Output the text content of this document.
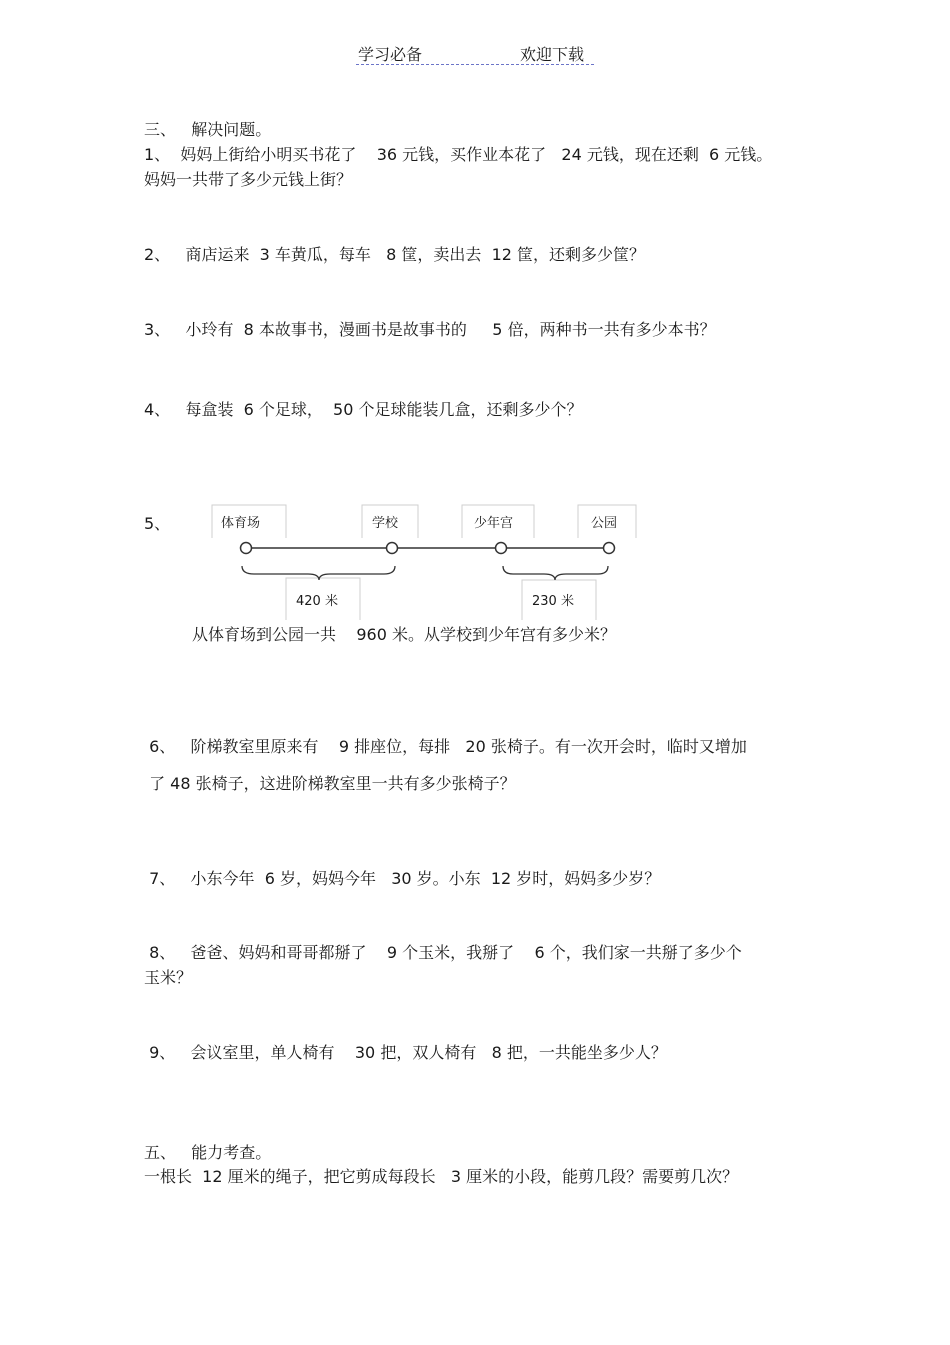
学习必备	欢迎下载
三、   解决问题。
1、  妈妈上街给小明买书花了    36 元钱，买作业本花了   24 元钱，现在还剩  6 元钱。
妈妈一共带了多少元钱上街？
2、   商店运来  3 车黄瓜，每车   8 筐，卖出去  12 筐，还剩多少筐？
3、   小玲有  8 本故事书，漫画书是故事书的     5 倍，两种书一共有多少本书？
4、   每盒装  6 个足球，  50 个足球能装几盒，还剩多少个？
5、	体育场	学校	少年宫	公园
420 米	230 米
从体育场到公园一共    960 米。从学校到少年宫有多少米？
6、   阶梯教室里原来有    9 排座位，每排   20 张椅子。有一次开会时，临时又增加
了 48 张椅子，这进阶梯教室里一共有多少张椅子？
7、   小东今年  6 岁，妈妈今年   30 岁。小东  12 岁时，妈妈多少岁？
8、   爸爸、妈妈和哥哥都掰了    9 个玉米，我掰了    6 个，我们家一共掰了多少个
玉米？
9、   会议室里，单人椅有    30 把，双人椅有   8 把，一共能坐多少人？
五、   能力考查。
一根长  12 厘米的绳子，把它剪成每段长   3 厘米的小段，能剪几段？需要剪几次？
